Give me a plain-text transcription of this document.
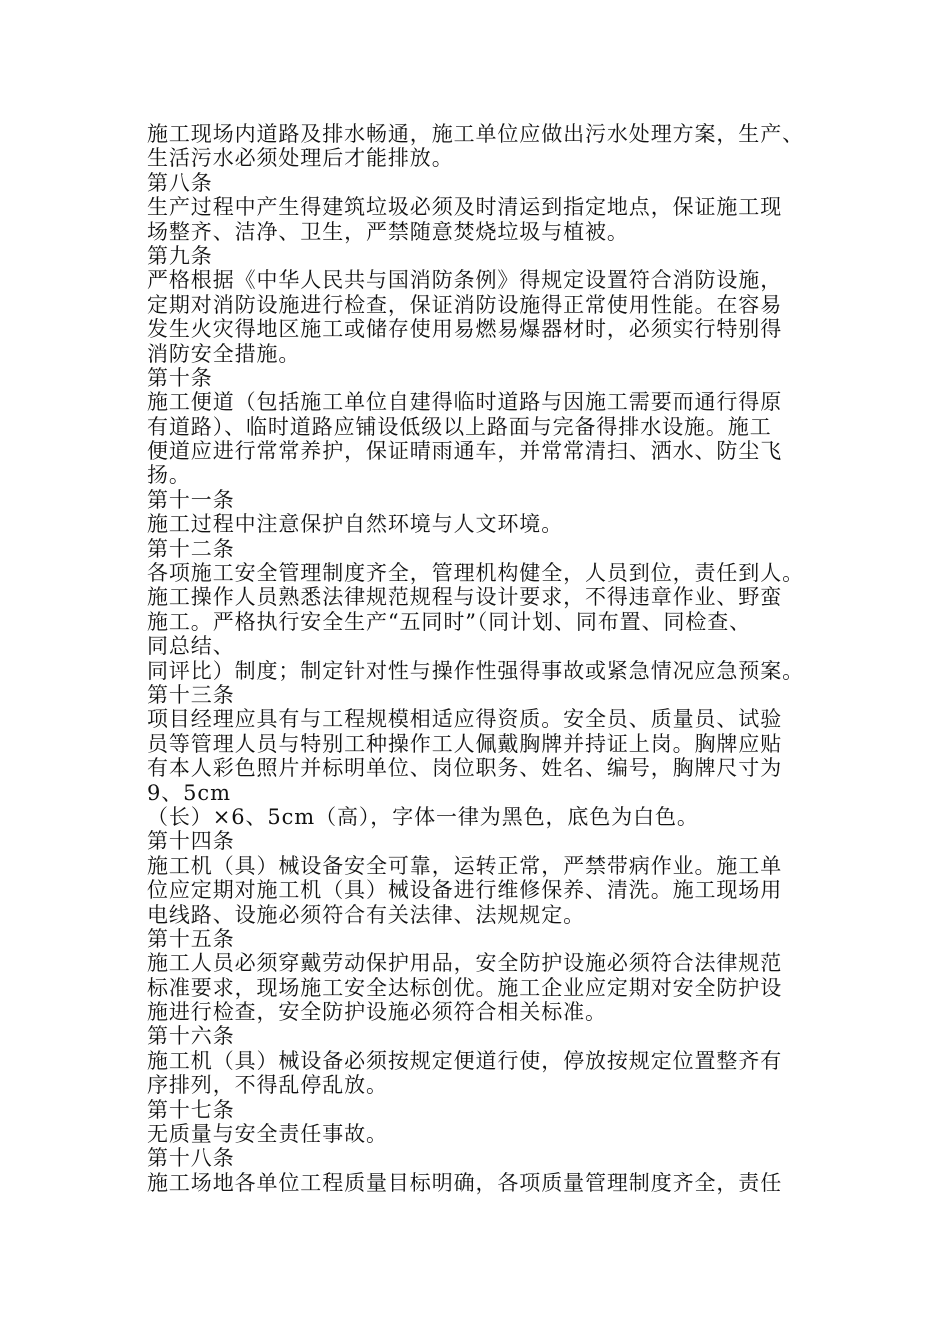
施工现场内道路及排水畅通，施工单位应做出污水处理方案，生产、
生活污水必须处理后才能排放。
第八条
生产过程中产生得建筑垃圾必须及时清运到指定地点，保证施工现
场整齐、洁净、卫生，严禁随意焚烧垃圾与植被。
第九条
严格根据《中华人民共与国消防条例》得规定设置符合消防设施，
定期对消防设施进行检查，保证消防设施得正常使用性能。在容易
发生火灾得地区施工或储存使用易燃易爆器材时，必须实行特别得
消防安全措施。
第十条
施工便道（包括施工单位自建得临时道路与因施工需要而通行得原
有道路）、临时道路应铺设低级以上路面与完备得排水设施。施工
便道应进行常常养护，保证晴雨通车，并常常清扫、洒水、防尘飞
扬。
第十一条
施工过程中注意保护自然环境与人文环境。
第十二条
各项施工安全管理制度齐全，管理机构健全，人员到位，责任到人。
施工操作人员熟悉法律规范规程与设计要求，不得违章作业、野蛮
施工。严格执行安全生产“五同时”（同计划、同布置、同检查、
同总结、
同评比）制度；制定针对性与操作性强得事故或紧急情况应急预案。
第十三条
项目经理应具有与工程规模相适应得资质。安全员、质量员、试验
员等管理人员与特别工种操作工人佩戴胸牌并持证上岗。胸牌应贴
有本人彩色照片并标明单位、岗位职务、姓名、编号，胸牌尺寸为
9、5cm
（长）×6、5cm（高），字体一律为黑色，底色为白色。
第十四条
施工机（具）械设备安全可靠，运转正常，严禁带病作业。施工单
位应定期对施工机（具）械设备进行维修保养、清洗。施工现场用
电线路、设施必须符合有关法律、法规规定。
第十五条
施工人员必须穿戴劳动保护用品，安全防护设施必须符合法律规范
标准要求，现场施工安全达标创优。施工企业应定期对安全防护设
施进行检查，安全防护设施必须符合相关标准。
第十六条
施工机（具）械设备必须按规定便道行使，停放按规定位置整齐有
序排列，不得乱停乱放。
第十七条
无质量与安全责任事故。
第十八条
施工场地各单位工程质量目标明确，各项质量管理制度齐全，责任
